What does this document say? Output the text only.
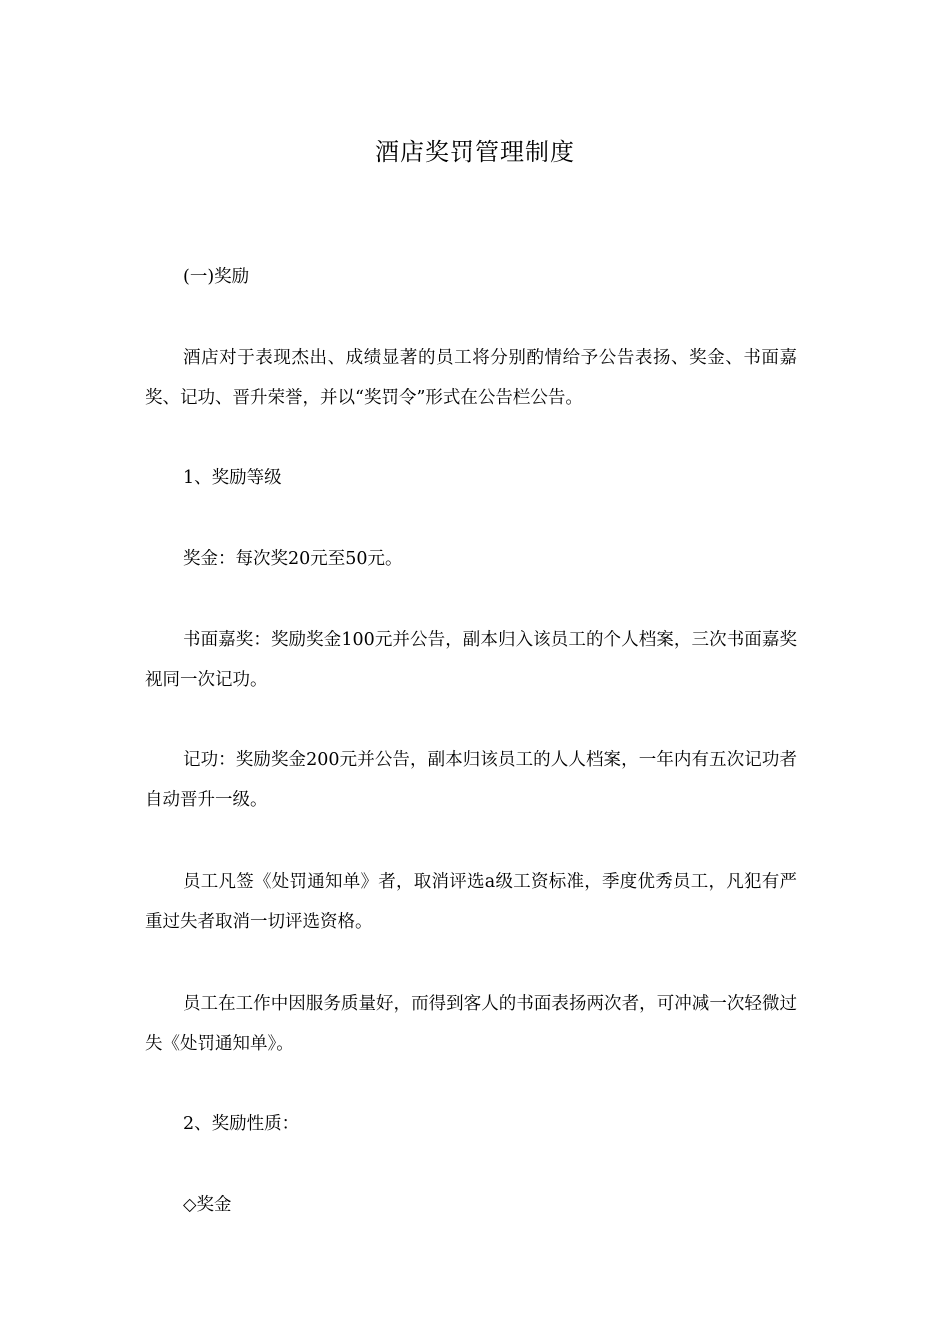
酒店奖罚管理制度

(一)奖励

酒店对于表现杰出、成绩显著的员工将分别酌情给予公告表扬、奖金、书面嘉奖、记功、晋升荣誉，并以“奖罚令”形式在公告栏公告。

1、奖励等级

奖金：每次奖20元至50元。

书面嘉奖：奖励奖金100元并公告，副本归入该员工的个人档案，三次书面嘉奖视同一次记功。

记功：奖励奖金200元并公告，副本归该员工的人人档案，一年内有五次记功者自动晋升一级。

员工凡签《处罚通知单》者，取消评选a级工资标准，季度优秀员工，凡犯有严重过失者取消一切评选资格。

员工在工作中因服务质量好，而得到客人的书面表扬两次者，可冲减一次轻微过失《处罚通知单》。

2、奖励性质：

◇奖金
